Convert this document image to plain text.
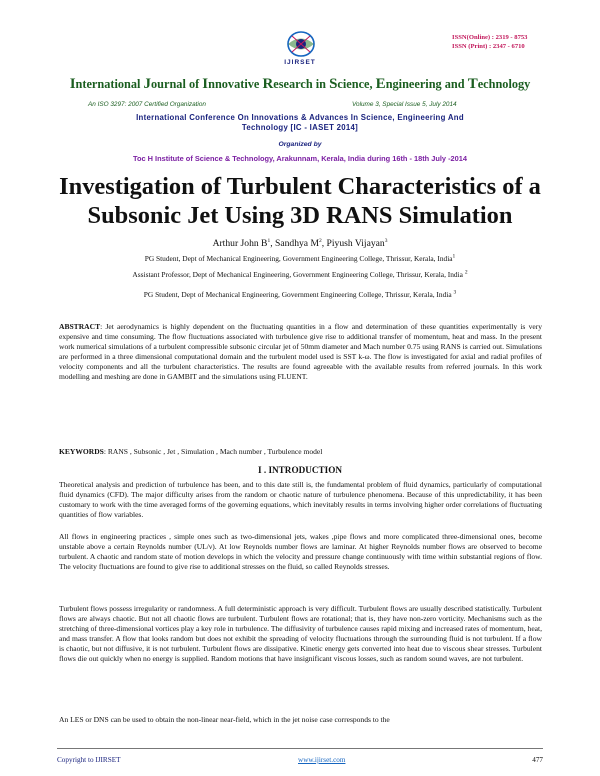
ISSN(Online) : 2319 - 8753
ISSN (Print) : 2347 - 6710
IJIRSET
International Journal of Innovative Research in Science, Engineering and Technology
An ISO 3297: 2007 Certified Organization	Volume 3, Special Issue 5, July 2014
International Conference On Innovations & Advances In Science, Engineering And
Technology [IC - IASET 2014]
Organized by
Toc H Institute of Science & Technology, Arakunnam, Kerala, India during 16th - 18th July -2014
Investigation of Turbulent Characteristics of a
Subsonic Jet Using 3D RANS Simulation
Arthur John $B^1$, Sandhya $M^2$, Piyush Vijayan$^3$
PG Student, Dept of Mechanical Engineering, Government Engineering College, Thrissur, Kerala, India$^1$
Assistant Professor, Dept of Mechanical Engineering, Government Engineering College, Thrissur, Kerala, India $^2$
PG Student, Dept of Mechanical Engineering, Government Engineering College, Thrissur, Kerala, India $^3$

ABSTRACT: Jet aerodynamics is highly dependent on the fluctuating quantities in a flow and determination of these quantities experimentally is very expensive and time consuming. The flow fluctuations associated with turbulence give rise to additional transfer of momentum, heat and mass. In the present work numerical simulations of a turbulent compressible subsonic circular jet of 50mm diameter and Mach number 0.75 using RANS is carried out. Simulations are performed in a three dimensional computational domain and the turbulent model used is SST k-ω. The flow is investigated for axial and radial profiles of velocity components and all the turbulent characteristics. The results are found agreeable with the available results from referred journals. In this work modelling and meshing are done in GAMBIT and the simulations using FLUENT.

KEYWORDS: RANS , Subsonic , Jet , Simulation , Mach number , Turbulence model

I . INTRODUCTION
Theoretical analysis and prediction of turbulence has been, and to this date still is, the fundamental problem of fluid dynamics, particularly of computational fluid dynamics (CFD). The major difficulty arises from the random or chaotic nature of turbulence phenomena. Because of this unpredictability, it has been customary to work with the time averaged forms of the governing equations, which inevitably results in terms involving higher order correlations of fluctuating quantities of flow variables.
All flows in engineering practices , simple ones such as two-dimensional jets, wakes ,pipe flows and more complicated three-dimensional ones, become unstable above a certain Reynolds number (UL/ν). At low Reynolds number flows are laminar. At higher Reynolds number flows are observed to become turbulent. A chaotic and random state of motion develops in which the velocity and pressure change continuously with time within substantial regions of flow. The velocity fluctuations are found to give rise to additional stresses on the fluid, so called Reynolds stresses.
Turbulent flows possess irregularity or randomness. A full deterministic approach is very difficult. Turbulent flows are usually described statistically. Turbulent flows are always chaotic. But not all chaotic flows are turbulent. Turbulent flows are rotational; that is, they have non-zero vorticity. Mechanisms such as the stretching of three-dimensional vortices play a key role in turbulence. The diffusivity of turbulence causes rapid mixing and increased rates of momentum, heat, and mass transfer. A flow that looks random but does not exhibit the spreading of velocity fluctuations through the surrounding fluid is not turbulent. If a flow is chaotic, but not diffusive, it is not turbulent. Turbulent flows are dissipative. Kinetic energy gets converted into heat due to viscous shear stresses. Turbulent flows die out quickly when no energy is supplied. Random motions that have insignificant viscous losses, such as random sound waves, are not turbulent.
An LES or DNS can be used to obtain the non-linear near-field, which in the jet noise case corresponds to the
Copyright to IJIRSET	www.ijirset.com	477
